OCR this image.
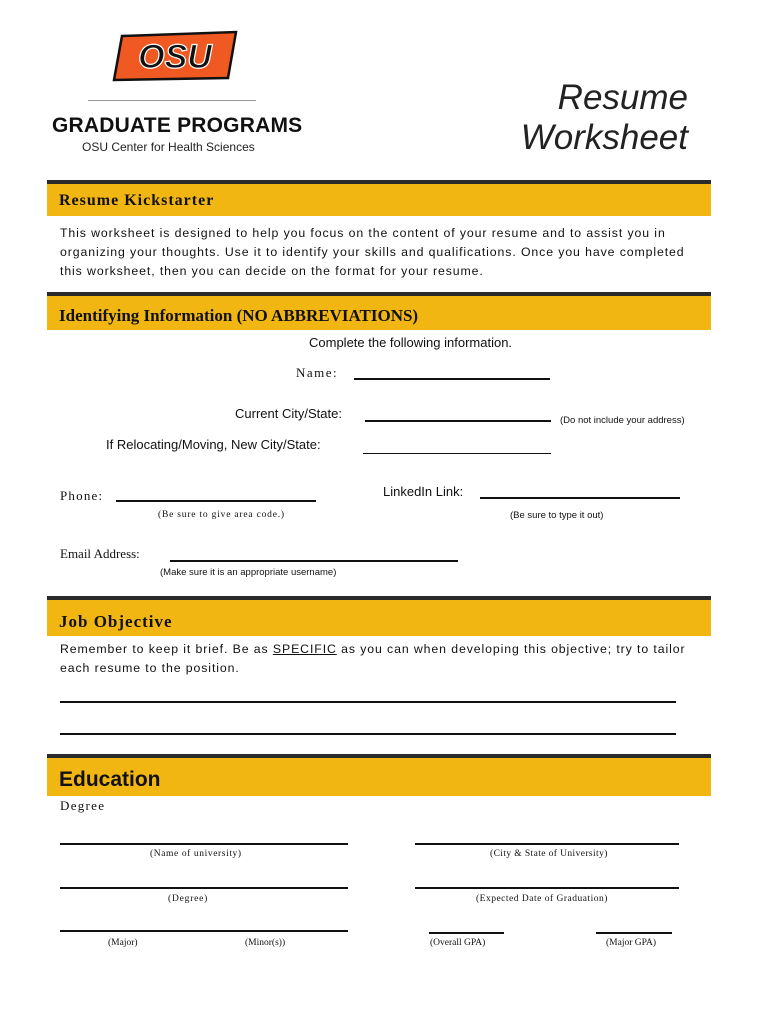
OSU
GRADUATE PROGRAMS
OSU Center for Health Sciences
Resume
Worksheet
Resume Kickstarter
This worksheet is designed to help you focus on the content of your resume and to assist you in organizing your thoughts. Use it to identify your skills and qualifications. Once you have completed this worksheet, then you can decide on the format for your resume.
Identifying Information (NO ABBREVIATIONS)
Complete the following information.
Name:
Current City/State:	(Do not include your address)
If Relocating/Moving, New City/State:
Phone:
(Be sure to give area code.)
LinkedIn Link:
(Be sure to type it out)
Email Address:
(Make sure it is an appropriate username)
Job Objective
Remember to keep it brief. Be as SPECIFIC as you can when developing this objective; try to tailor each resume to the position.
Education
Degree
(Name of university)	(City & State of University)
(Degree)	(Expected Date of Graduation)
(Major)	(Minor(s))	(Overall GPA)	(Major GPA)
